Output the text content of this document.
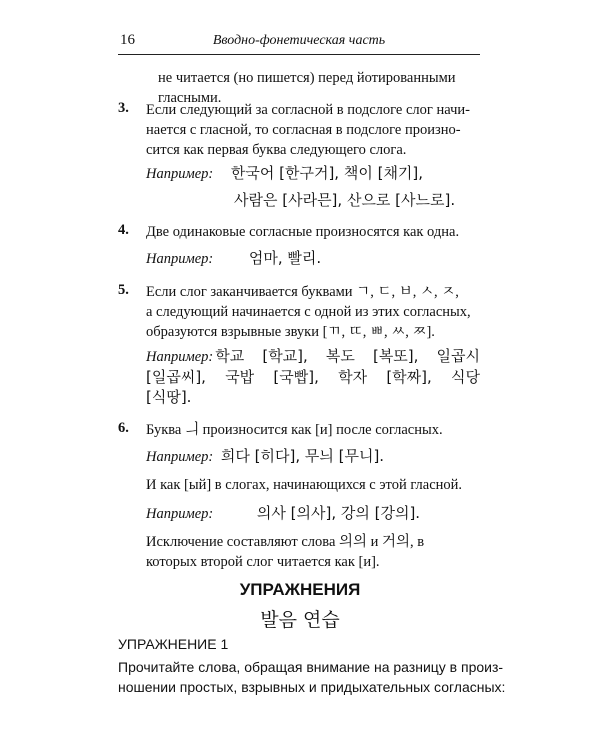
16	Вводно-фонетическая часть
не читается (но пишется) перед йотированными
гласными.
3.	Если следующий за согласной в подслоге слог начи-
нается с гласной, то согласная в подслоге произно-
сится как первая буква следующего слога.
Например: 한국어 [한구거], 책이 [채기],
사람은 [사라믄], 산으로 [사느로].
4.	Две одинаковые согласные произносятся как одна.
Например: 엄마, 빨리.
5.	Если слог заканчивается буквами ㄱ, ㄷ, ㅂ, ㅅ, ㅈ,
а следующий начинается с одной из этих согласных,
образуются взрывные звуки [ㄲ, ㄸ, ㅃ, ㅆ, ㅉ].
Например: 학교 [학교], 복도 [복또], 일곱시
[일곱씨], 국밥 [국빱], 학자 [학짜], 식당
[식땅].
6.	Буква ㅢ произносится как [и] после согласных.
Например: 희다 [히다], 무늬 [무니].
И как [ый] в слогах, начинающихся с этой гласной.
Например:	의사 [의사], 강의 [강의].
Исключение составляют слова 의의 и 거의, в
которых второй слог читается как [и].
УПРАЖНЕНИЯ
발음 연습
УПРАЖНЕНИЕ 1
Прочитайте слова, обращая внимание на разницу в произ-
ношении простых, взрывных и придыхательных согласных:
